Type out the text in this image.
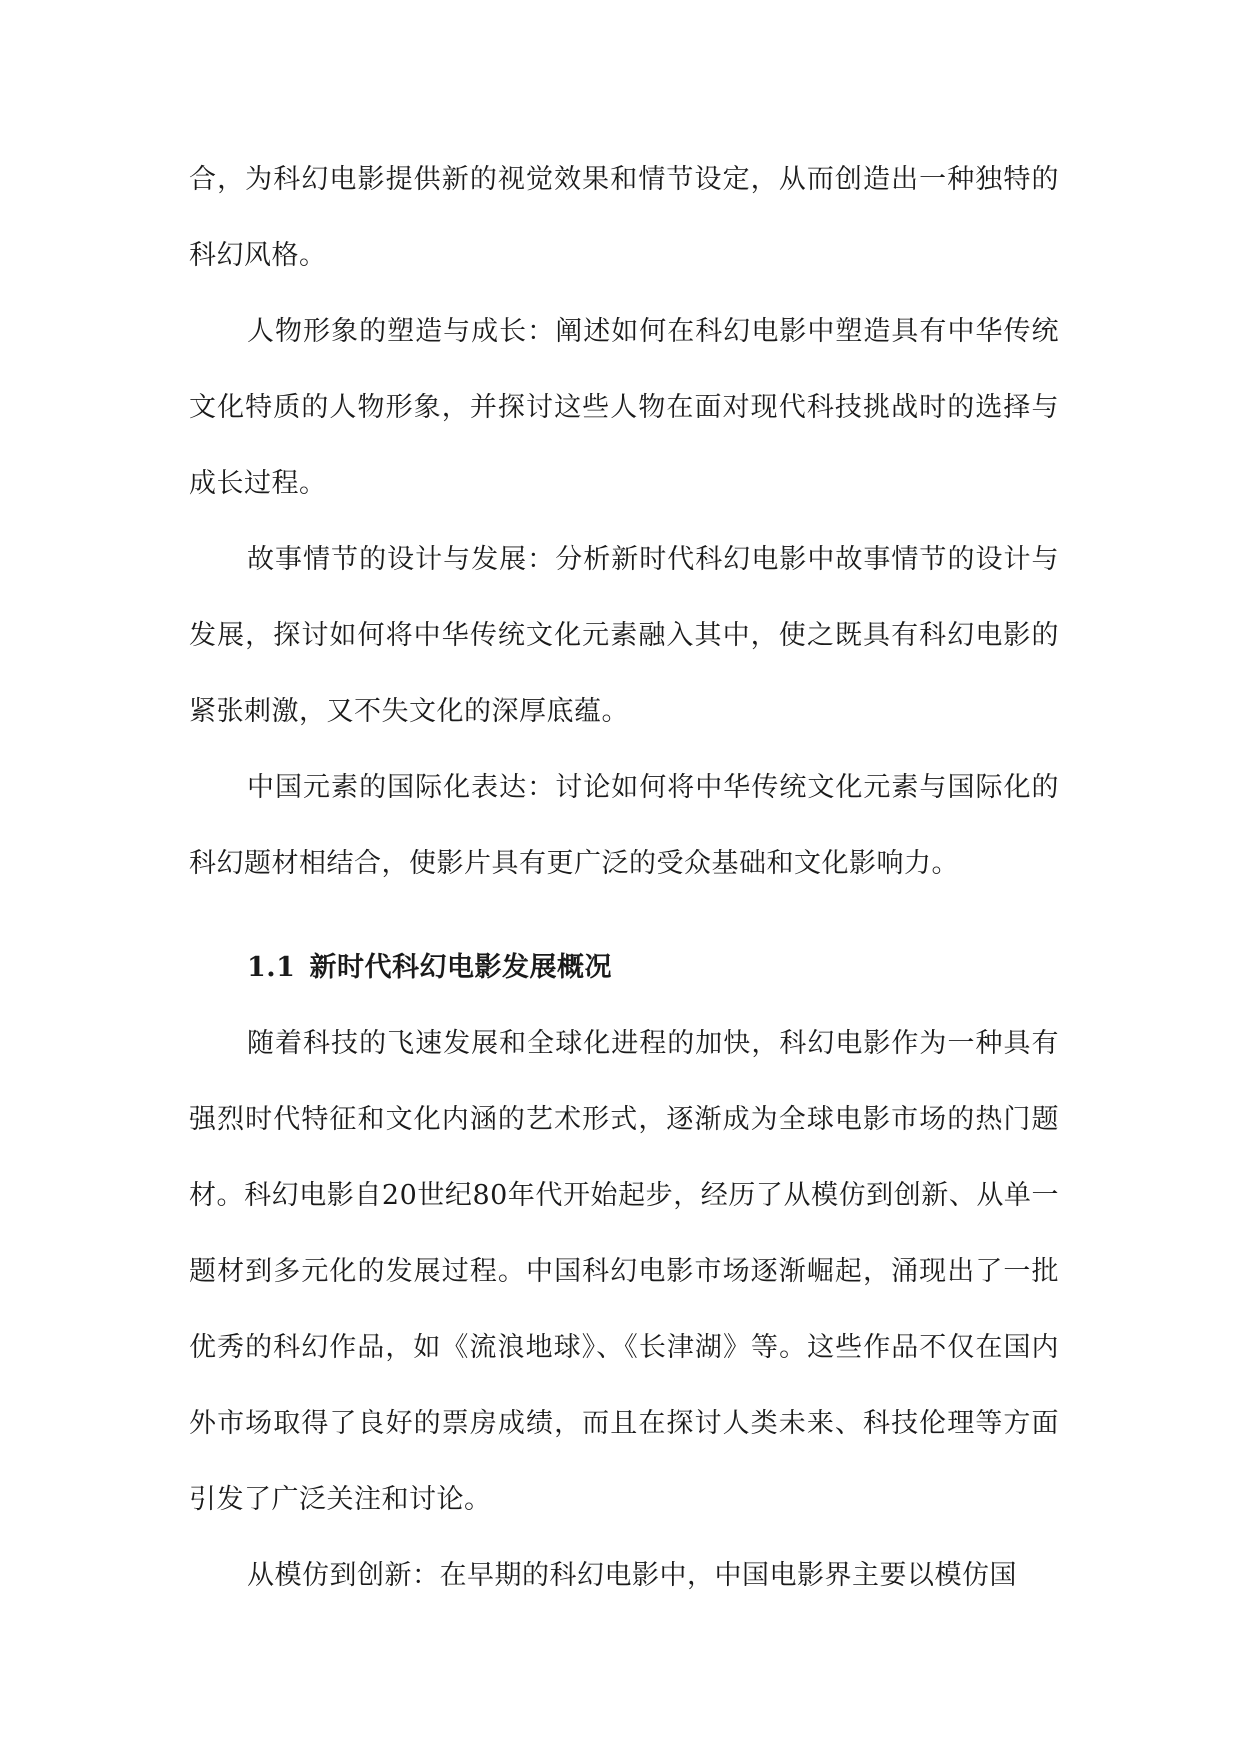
合，为科幻电影提供新的视觉效果和情节设定，从而创造出一种独特的科幻风格。

人物形象的塑造与成长：阐述如何在科幻电影中塑造具有中华传统文化特质的人物形象，并探讨这些人物在面对现代科技挑战时的选择与成长过程。

故事情节的设计与发展：分析新时代科幻电影中故事情节的设计与发展，探讨如何将中华传统文化元素融入其中，使之既具有科幻电影的紧张刺激，又不失文化的深厚底蕴。

中国元素的国际化表达：讨论如何将中华传统文化元素与国际化的科幻题材相结合，使影片具有更广泛的受众基础和文化影响力。

1.1 新时代科幻电影发展概况

随着科技的飞速发展和全球化进程的加快，科幻电影作为一种具有强烈时代特征和文化内涵的艺术形式，逐渐成为全球电影市场的热门题材。科幻电影自20世纪80年代开始起步，经历了从模仿到创新、从单一题材到多元化的发展过程。中国科幻电影市场逐渐崛起，涌现出了一批优秀的科幻作品，如《流浪地球》、《长津湖》等。这些作品不仅在国内外市场取得了良好的票房成绩，而且在探讨人类未来、科技伦理等方面引发了广泛关注和讨论。

从模仿到创新：在早期的科幻电影中，中国电影界主要以模仿国
